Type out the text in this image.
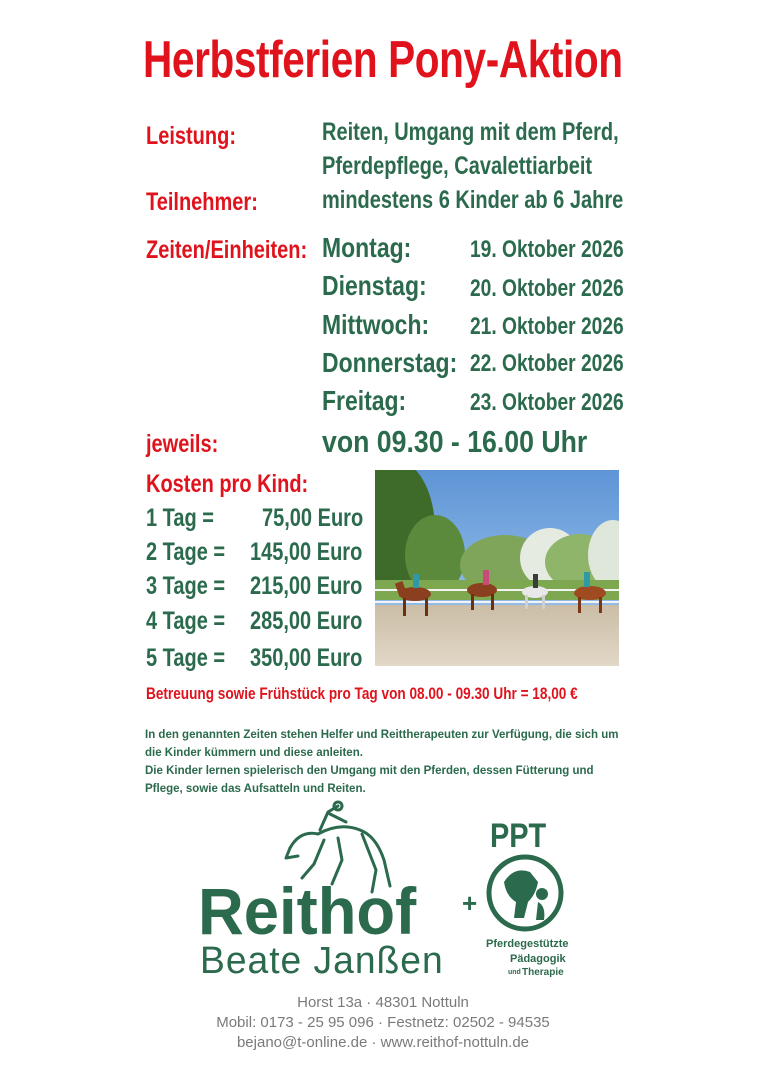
Herbstferien Pony-Aktion
Leistung:	Reiten, Umgang mit dem Pferd,
Pferdepflege, Cavalettiarbeit
Teilnehmer:	mindestens 6 Kinder ab 6 Jahre
Zeiten/Einheiten: Montag: 19. Oktober 2026
Dienstag: 20. Oktober 2026
Mittwoch: 21. Oktober 2026
Donnerstag: 22. Oktober 2026
Freitag:	23. Oktober 2026
jeweils:	von 09.30 - 16.00 Uhr
Kosten pro Kind:
1 Tag = 75,00 Euro
2 Tage = 145,00 Euro
3 Tage = 215,00 Euro
4 Tage = 285,00 Euro
5 Tage = 350,00 Euro
Betreuung sowie Frühstück pro Tag von 08.00 - 09.30 Uhr = 18,00 €
In den genannten Zeiten stehen Helfer und Reittherapeuten zur Verfügung, die sich um die Kinder kümmern und diese anleiten.
Die Kinder lernen spielerisch den Umgang mit den Pferden, dessen Fütterung und Pflege, sowie das Aufsatteln und Reiten.
Reithof +
Beate Janßen
PPT
Pferdegestützte
Pädagogik
und Therapie
Horst 13a · 48301 Nottuln
Mobil: 0173 - 25 95 096 · Festnetz: 02502 - 94535
bejano@t-online.de · www.reithof-nottuln.de
